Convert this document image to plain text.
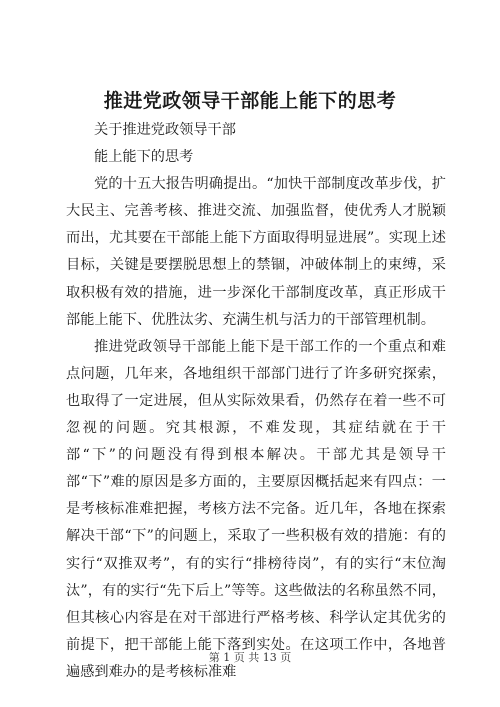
推进党政领导干部能上能下的思考

关于推进党政领导干部

能上能下的思考

党的十五大报告明确提出。“加快干部制度改革步伐，扩大民主、完善考核、推进交流、加强监督，使优秀人才脱颖而出，尤其要在干部能上能下方面取得明显进展”。实现上述目标，关键是要摆脱思想上的禁锢，冲破体制上的束缚，采取积极有效的措施，进一步深化干部制度改革，真正形成干部能上能下、优胜汰劣、充满生机与活力的干部管理机制。

推进党政领导干部能上能下是干部工作的一个重点和难点问题，几年来，各地组织干部部门进行了许多研究探索，也取得了一定进展，但从实际效果看，仍然存在着一些不可忽视的问题。究其根源，不难发现，其症结就在于干部“下”的问题没有得到根本解决。干部尤其是领导干部“下”难的原因是多方面的，主要原因概括起来有四点：一是考核标准难把握，考核方法不完备。近几年，各地在探索解决干部“下”的问题上，采取了一些积极有效的措施：有的实行“双推双考”，有的实行“排榜待岗”，有的实行“末位淘汰”，有的实行“先下后上”等等。这些做法的名称虽然不同，但其核心内容是在对干部进行严格考核、科学认定其优劣的前提下，把干部能上能下落到实处。在这项工作中，各地普遍感到难办的是考核标准难

第 1 页 共 13 页
